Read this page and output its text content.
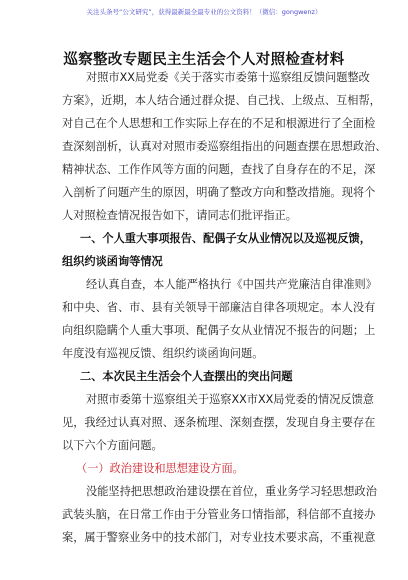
关注头条号“公文研究”，获得最新最全最专业的公文资料！（微信：gongwenz）
巡察整改专题民主生活会个人对照检查材料
对照市XX局党委《关于落实市委第十巡察组反馈问题整改
方案》，近期，本人结合通过群众提、自己找、上级点、互相帮，
对自己在个人思想和工作实际上存在的不足和根源进行了全面检
查深刻剖析，认真对对照市委巡察组指出的问题查摆在思想政治、
精神状态、工作作风等方面的问题，查找了自身存在的不足，深
入剖析了问题产生的原因，明确了整改方向和整改措施。现将个
人对照检查情况报告如下，请同志们批评指正。
一、个人重大事项报告、配偶子女从业情况以及巡视反馈，
组织约谈函询等情况
经认真自查，本人能严格执行《中国共产党廉洁自律准则》
和中央、省、市、县有关领导干部廉洁自律各项规定。本人没有
向组织隐瞒个人重大事项、配偶子女从业情况不报告的问题；上
年度没有巡视反馈、组织约谈函询问题。
二、本次民主生活会个人查摆出的突出问题
对照市委第十巡察组关于巡察XX市XX局党委的情况反馈意
见，我经过认真对照、逐条梳理、深刻查摆，发现自身主要存在
以下六个方面问题。
（一）政治建设和思想建设方面。
没能坚持把思想政治建设摆在首位，重业务学习轻思想政治
武装头脑，在日常工作由于分管业务口情指部，科信部不直接办
案，属于警察业务中的技术部门，对专业技术要求高，不重视意
